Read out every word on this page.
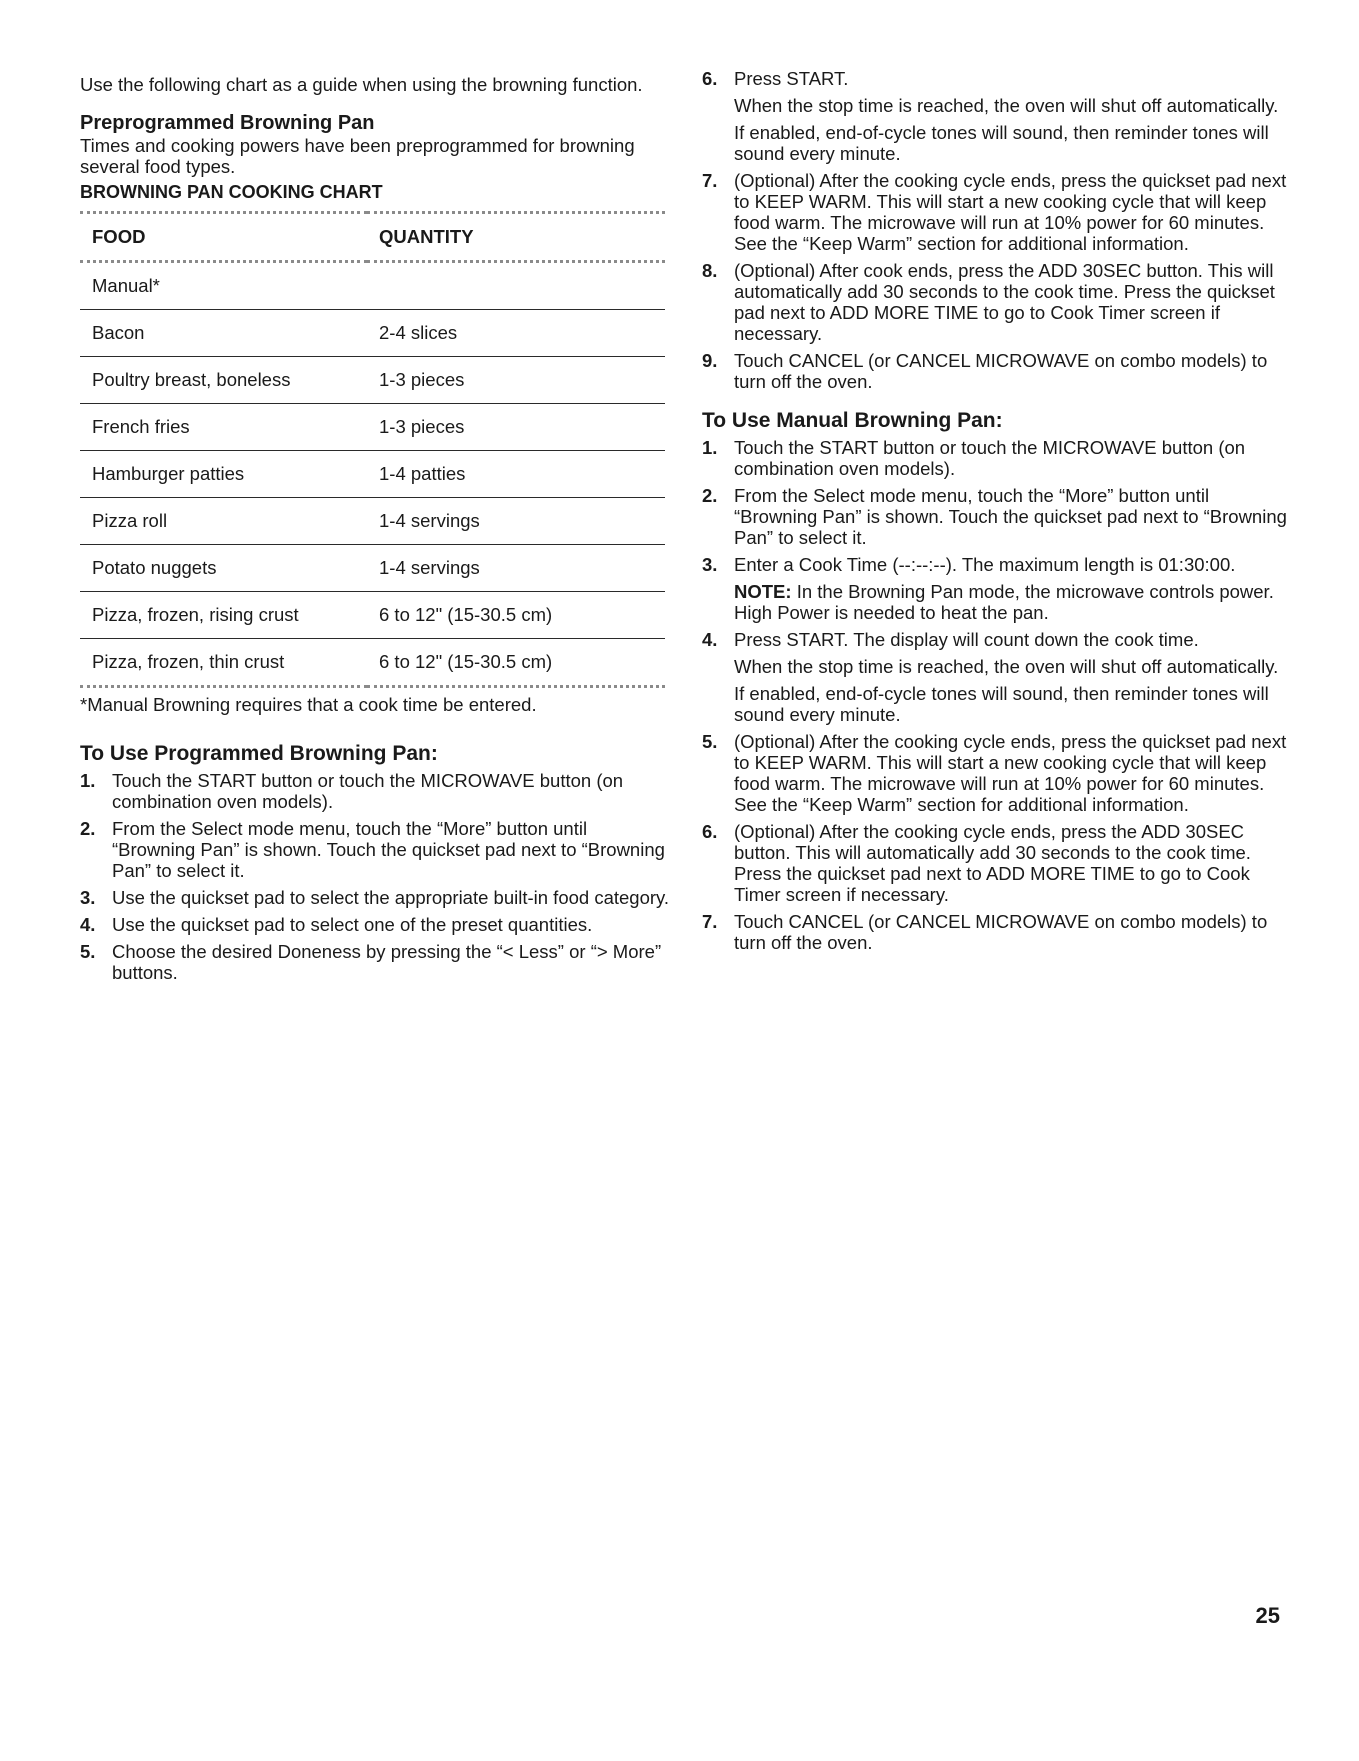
Use the following chart as a guide when using the browning function.

Preprogrammed Browning Pan

Times and cooking powers have been preprogrammed for browning several food types.

BROWNING PAN COOKING CHART
FOOD	QUANTITY
Manual*	
Bacon	2-4 slices
Poultry breast, boneless	1-3 pieces
French fries	1-3 pieces
Hamburger patties	1-4 patties
Pizza roll	1-4 servings
Potato nuggets	1-4 servings
Pizza, frozen, rising crust	6 to 12" (15-30.5 cm)
Pizza, frozen, thin crust	6 to 12" (15-30.5 cm)

*Manual Browning requires that a cook time be entered.

To Use Programmed Browning Pan:
1. Touch the START button or touch the MICROWAVE button (on combination oven models).

2. From the Select mode menu, touch the “More” button until “Browning Pan” is shown. Touch the quickset pad next to “Browning Pan” to select it.

3. Use the quickset pad to select the appropriate built-in food category.

4. Use the quickset pad to select one of the preset quantities.

5. Choose the desired Doneness by pressing the “< Less” or “> More” buttons.

6. Press START.

When the stop time is reached, the oven will shut off automatically.

If enabled, end-of-cycle tones will sound, then reminder tones will sound every minute.

7. (Optional) After the cooking cycle ends, press the quickset pad next to KEEP WARM. This will start a new cooking cycle that will keep food warm. The microwave will run at 10% power for 60 minutes. See the “Keep Warm” section for additional information.

8. (Optional) After cook ends, press the ADD 30SEC button. This will automatically add 30 seconds to the cook time. Press the quickset pad next to ADD MORE TIME to go to Cook Timer screen if necessary.

9. Touch CANCEL (or CANCEL MICROWAVE on combo models) to turn off the oven.

To Use Manual Browning Pan:
1. Touch the START button or touch the MICROWAVE button (on combination oven models).

2. From the Select mode menu, touch the “More” button until “Browning Pan” is shown. Touch the quickset pad next to “Browning Pan” to select it.

3. Enter a Cook Time (--:--:--). The maximum length is 01:30:00.

NOTE: In the Browning Pan mode, the microwave controls power. High Power is needed to heat the pan.

4. Press START. The display will count down the cook time.

When the stop time is reached, the oven will shut off automatically.

If enabled, end-of-cycle tones will sound, then reminder tones will sound every minute.

5. (Optional) After the cooking cycle ends, press the quickset pad next to KEEP WARM. This will start a new cooking cycle that will keep food warm. The microwave will run at 10% power for 60 minutes. See the “Keep Warm” section for additional information.

6. (Optional) After the cooking cycle ends, press the ADD 30SEC button. This will automatically add 30 seconds to the cook time. Press the quickset pad next to ADD MORE TIME to go to Cook Timer screen if necessary.

7. Touch CANCEL (or CANCEL MICROWAVE on combo models) to turn off the oven.

25
